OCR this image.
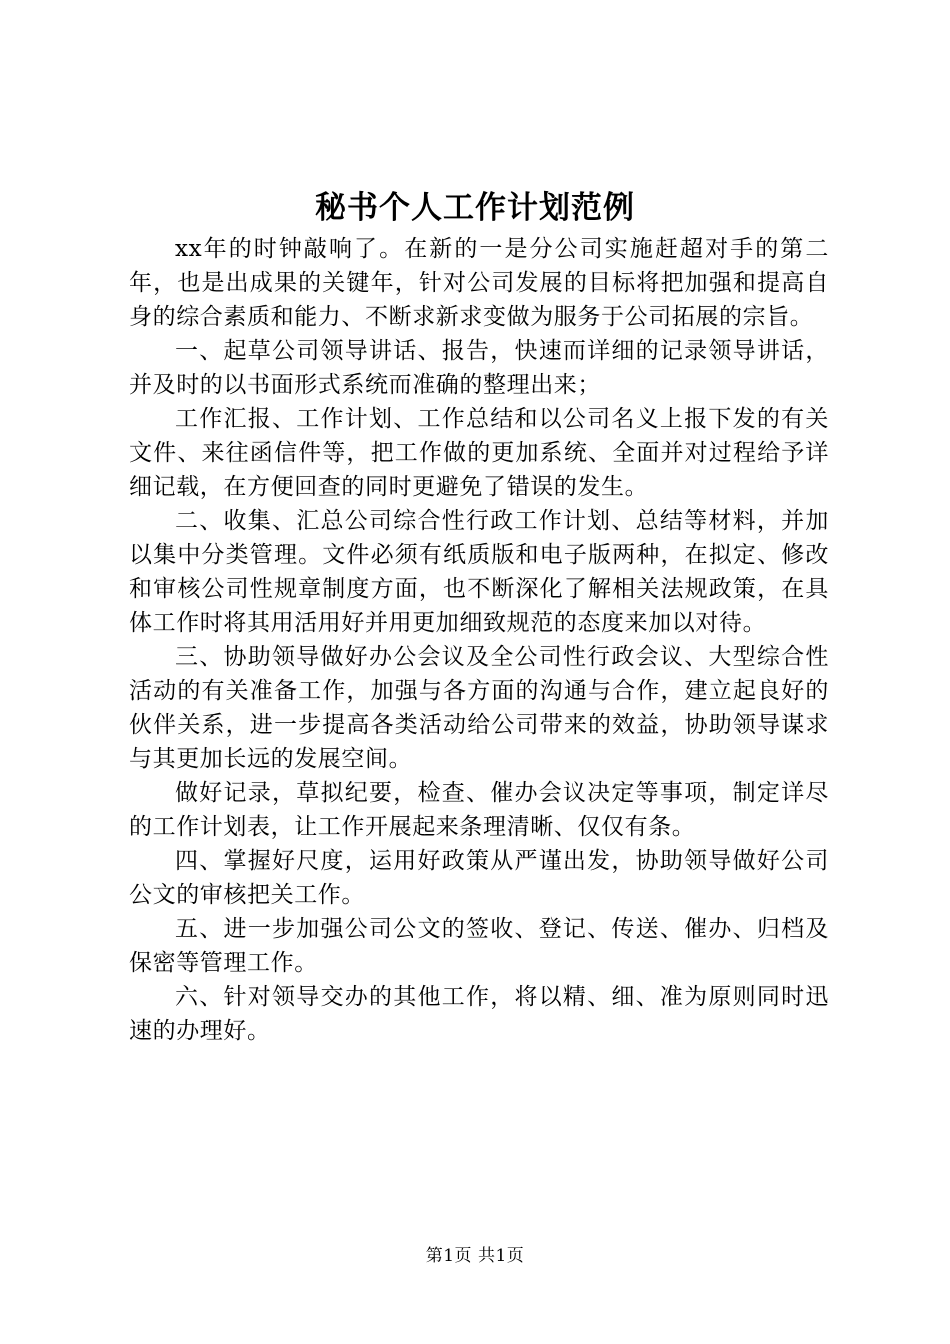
秘书个人工作计划范例

xx年的时钟敲响了。在新的一是分公司实施赶超对手的第二年，也是出成果的关键年，针对公司发展的目标将把加强和提高自身的综合素质和能力、不断求新求变做为服务于公司拓展的宗旨。

一、起草公司领导讲话、报告，快速而详细的记录领导讲话，并及时的以书面形式系统而准确的整理出来；

工作汇报、工作计划、工作总结和以公司名义上报下发的有关文件、来往函信件等，把工作做的更加系统、全面并对过程给予详细记载，在方便回查的同时更避免了错误的发生。

二、收集、汇总公司综合性行政工作计划、总结等材料，并加以集中分类管理。文件必须有纸质版和电子版两种，在拟定、修改和审核公司性规章制度方面，也不断深化了解相关法规政策，在具体工作时将其用活用好并用更加细致规范的态度来加以对待。

三、协助领导做好办公会议及全公司性行政会议、大型综合性活动的有关准备工作，加强与各方面的沟通与合作，建立起良好的伙伴关系，进一步提高各类活动给公司带来的效益，协助领导谋求与其更加长远的发展空间。

做好记录，草拟纪要，检查、催办会议决定等事项，制定详尽的工作计划表，让工作开展起来条理清晰、仅仅有条。

四、掌握好尺度，运用好政策从严谨出发，协助领导做好公司公文的审核把关工作。

五、进一步加强公司公文的签收、登记、传送、催办、归档及保密等管理工作。

六、针对领导交办的其他工作，将以精、细、准为原则同时迅速的办理好。

第1页 共1页
